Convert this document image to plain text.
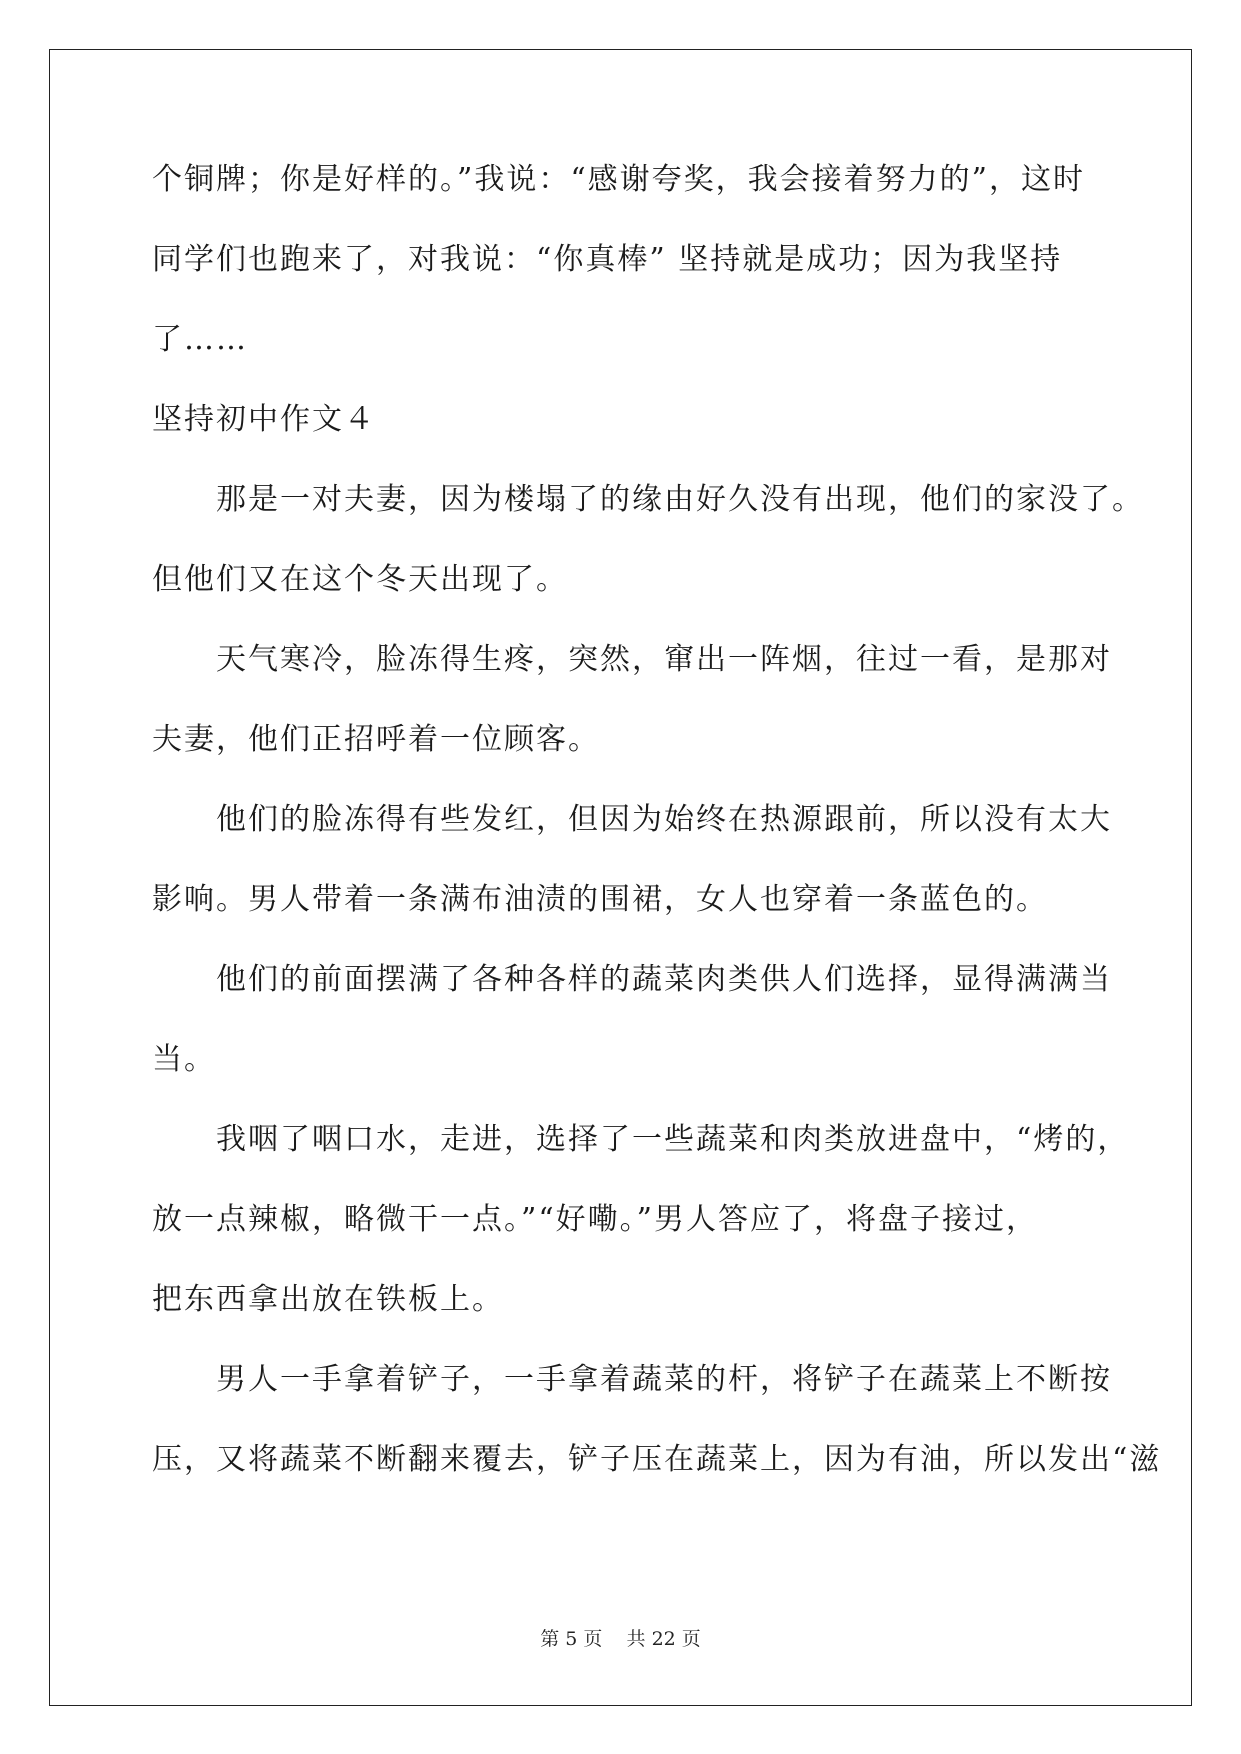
个铜牌；你是好样的。”我说：“感谢夸奖，我会接着努力的”，这时
同学们也跑来了，对我说：“你真棒” 坚持就是成功；因为我坚持
了……
坚持初中作文４
那是一对夫妻，因为楼塌了的缘由好久没有出现，他们的家没了。
但他们又在这个冬天出现了。
天气寒冷，脸冻得生疼，突然，窜出一阵烟，往过一看，是那对
夫妻，他们正招呼着一位顾客。
他们的脸冻得有些发红，但因为始终在热源跟前，所以没有太大
影响。男人带着一条满布油渍的围裙，女人也穿着一条蓝色的。
他们的前面摆满了各种各样的蔬菜肉类供人们选择，显得满满当
当。
我咽了咽口水，走进，选择了一些蔬菜和肉类放进盘中，“烤的，
放一点辣椒，略微干一点。”“好嘞。”男人答应了，将盘子接过，
把东西拿出放在铁板上。
男人一手拿着铲子，一手拿着蔬菜的杆，将铲子在蔬菜上不断按
压，又将蔬菜不断翻来覆去，铲子压在蔬菜上，因为有油，所以发出“滋
第 5 页 共 22 页
